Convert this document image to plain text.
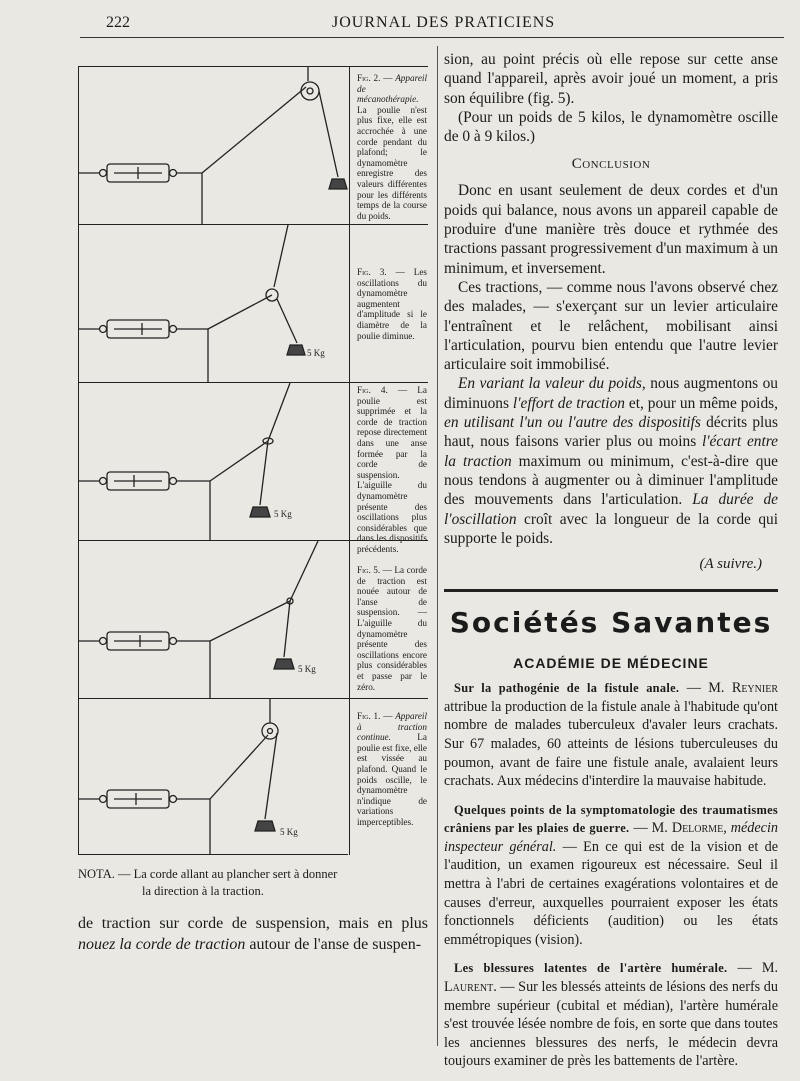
222	JOURNAL DES PRATICIENS

Fig. 2. — Appareil de mécanothérapie. La poulie n'est plus fixe, elle est accrochée à une corde pendant du plafond; le dynamomètre enregistre des valeurs différentes pour les différents temps de la course du poids.

5 Kg

Fig. 3. — Les oscillations du dynamomètre augmentent d'amplitude si le diamètre de la poulie diminue.

5 Kg

Fig. 4. — La poulie est supprimée et la corde de traction repose directement dans une anse formée par la corde de suspension. L'aiguille du dynamomètre présente des oscillations plus considérables que dans les dispositifs précédents.

5 Kg

Fig. 5. — La corde de traction est nouée autour de l'anse de suspension. — L'aiguille du dynamomètre présente des oscillations encore plus considérables et passe par le zéro.

5 Kg

Fig. 1. — Appareil à traction continue. La poulie est fixe, elle est vissée au plafond. Quand le poids oscille, le dynamomètre n'indique de variations imperceptibles.

NOTA. — La corde allant au plancher sert à donner
la direction à la traction.
de traction sur corde de suspension, mais en plus nouez la corde de traction autour de l'anse de suspen-

sion, au point précis où elle repose sur cette anse quand l'appareil, après avoir joué un moment, a pris son équilibre (fig. 5).

(Pour un poids de 5 kilos, le dynamomètre oscille de 0 à 9 kilos.)

Conclusion

Donc en usant seulement de deux cordes et d'un poids qui balance, nous avons un appareil capable de produire d'une manière très douce et rythmée des tractions passant progressivement d'un maximum à un minimum, et inversement.

Ces tractions, — comme nous l'avons observé chez des malades, — s'exerçant sur un levier articulaire l'entraînent et le relâchent, mobilisant ainsi l'articulation, pourvu bien entendu que l'autre levier articulaire soit immobilisé.

En variant la valeur du poids, nous augmentons ou diminuons l'effort de traction et, pour un même poids, en utilisant l'un ou l'autre des dispositifs décrits plus haut, nous faisons varier plus ou moins l'écart entre la traction maximum ou minimum, c'est-à-dire que nous tendons à augmenter ou à diminuer l'amplitude des mouvements dans l'articulation. La durée de l'oscillation croît avec la longueur de la corde qui supporte le poids.

(A suivre.)
Sociétés Savantes
ACADÉMIE DE MÉDECINE

Sur la pathogénie de la fistule anale. — M. Reynier attribue la production de la fistule anale à l'habitude qu'ont nombre de malades tuberculeux d'avaler leurs crachats. Sur 67 malades, 60 atteints de lésions tuberculeuses du poumon, avant de faire une fistule anale, avalaient leurs crachats. Aux médecins d'interdire la mauvaise habitude.

Quelques points de la symptomatologie des traumatismes crâniens par les plaies de guerre. — M. Delorme, médecin inspecteur général. — En ce qui est de la vision et de l'audition, un examen rigoureux est nécessaire. Seul il mettra à l'abri de certaines exagérations volontaires et de causes d'erreur, auxquelles pourraient exposer les états fonctionnels déficients (audition) ou les états emmétropiques (vision).

Les blessures latentes de l'artère humérale. — M. Laurent. — Sur les blessés atteints de lésions des nerfs du membre supérieur (cubital et médian), l'artère humérale s'est trouvée lésée nombre de fois, en sorte que dans toutes les anciennes blessures des nerfs, le médecin devra toujours examiner de près les battements de l'artère.
